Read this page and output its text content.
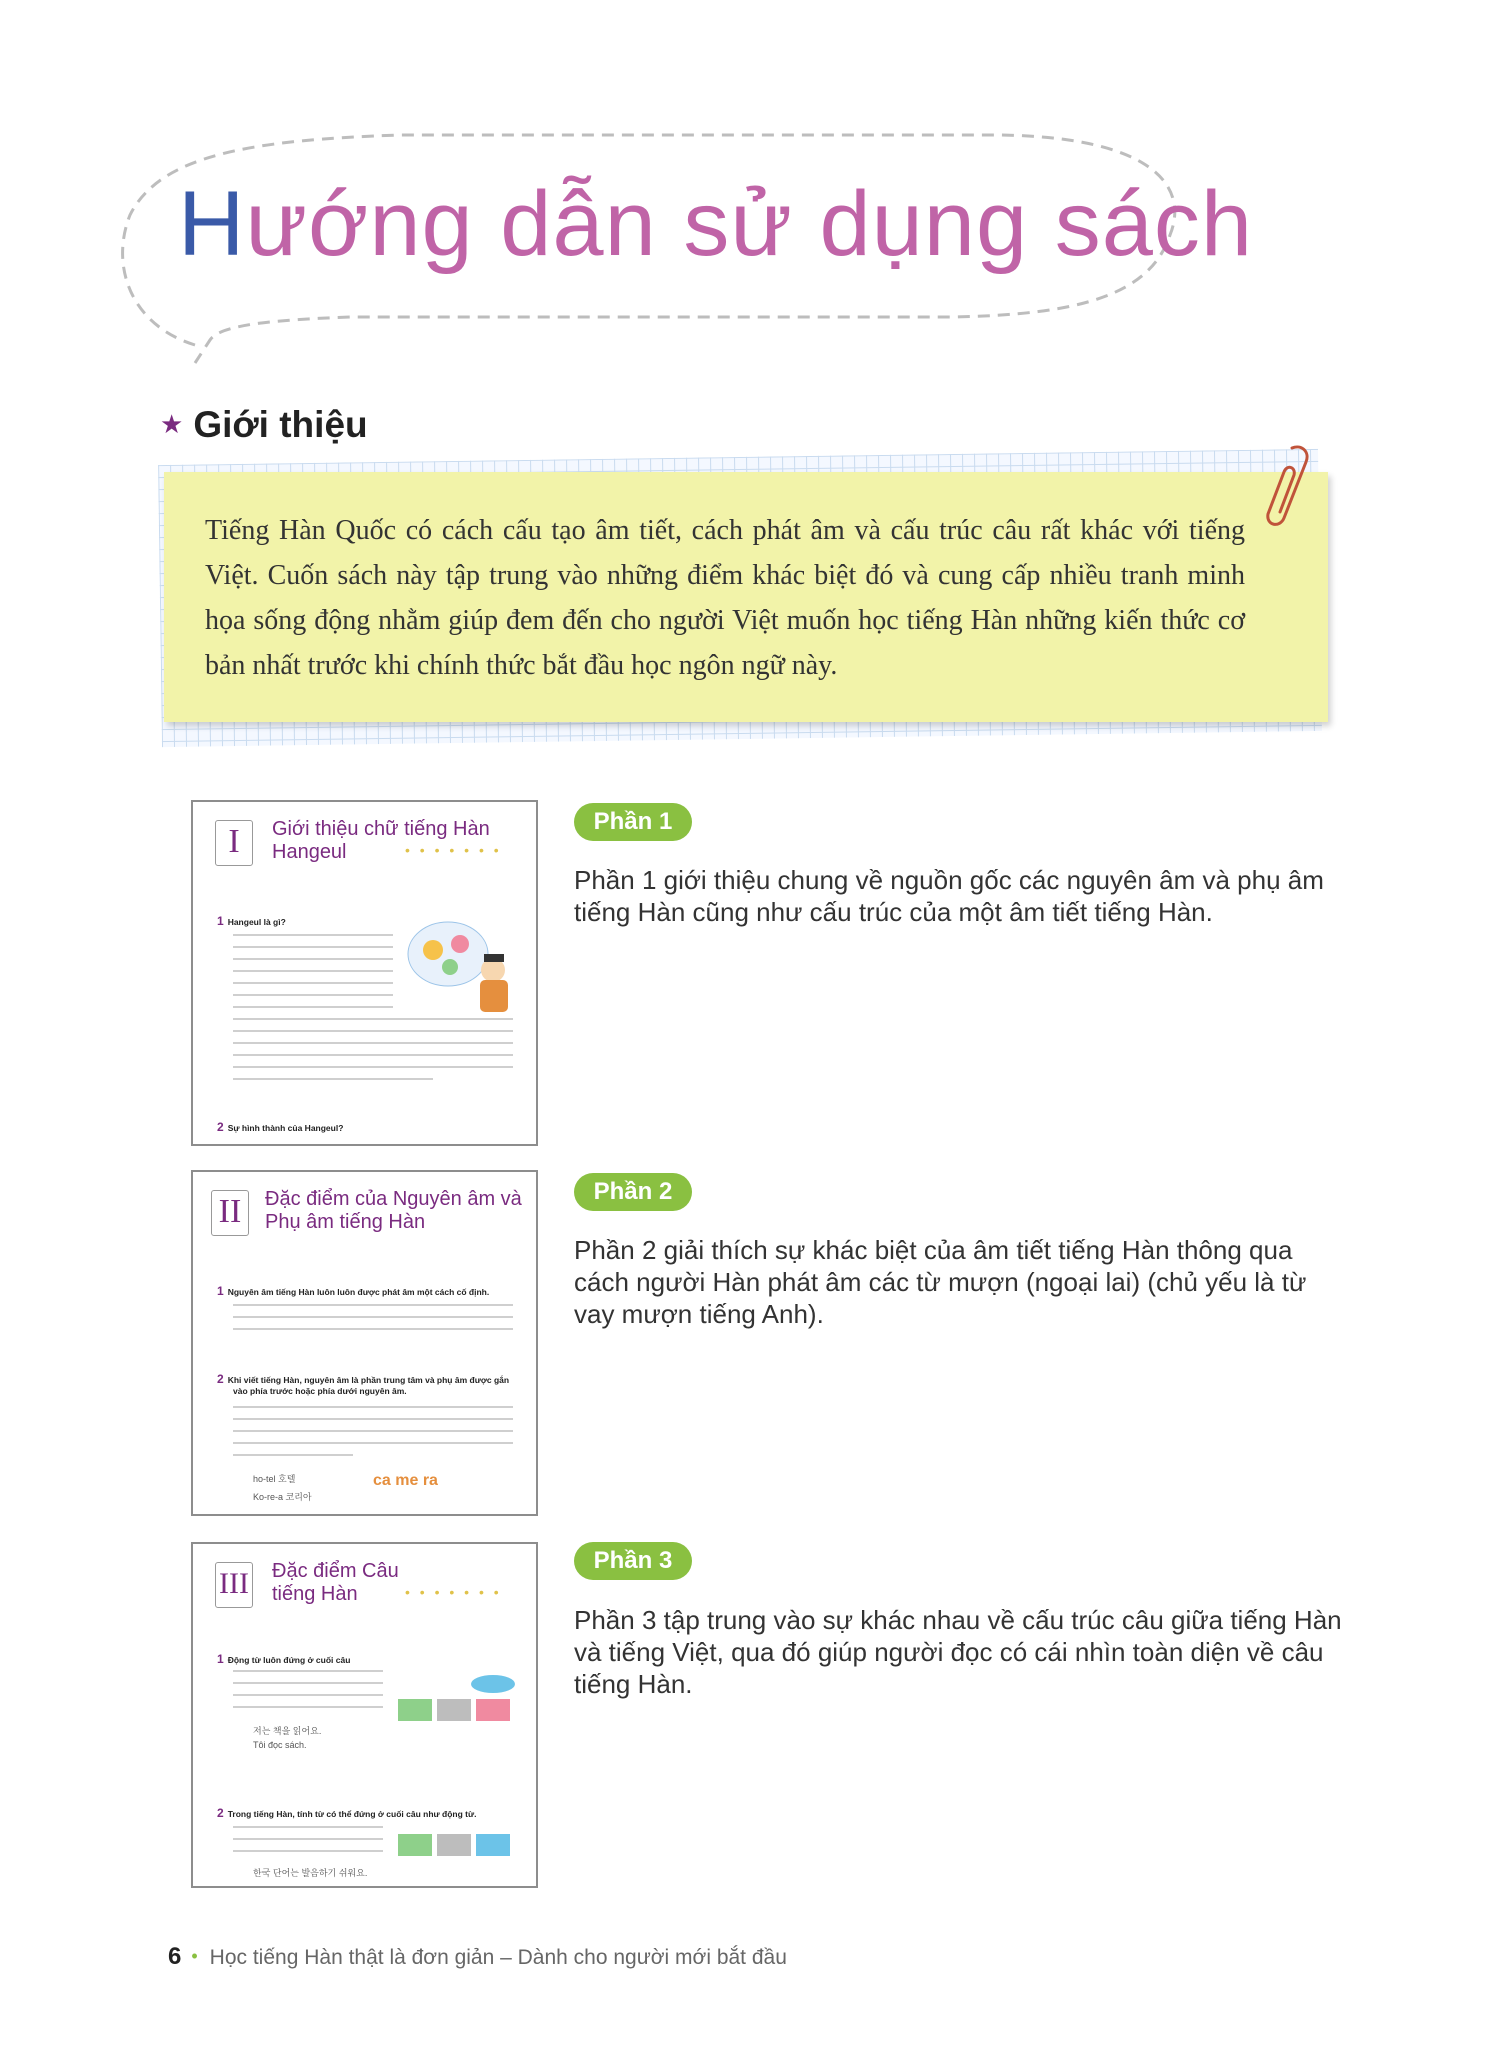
Hướng dẫn sử dụng sách
★ Giới thiệu
Tiếng Hàn Quốc có cách cấu tạo âm tiết, cách phát âm và cấu trúc câu rất khác với tiếng Việt. Cuốn sách này tập trung vào những điểm khác biệt đó và cung cấp nhiều tranh minh họa sống động nhằm giúp đem đến cho người Việt muốn học tiếng Hàn những kiến thức cơ bản nhất trước khi chính thức bắt đầu học ngôn ngữ này.
I	Giới thiệu chữ tiếng Hàn
Hangeul	• • • • • • •
1 Hangeul là gì?
2 Sự hình thành của Hangeul?
II	Đặc điểm của Nguyên âm và
Phụ âm tiếng Hàn
1 Nguyên âm tiếng Hàn luôn luôn được phát âm một cách cố định.
2 Khi viết tiếng Hàn, nguyên âm là phần trung tâm và phụ âm được gắn
vào phía trước hoặc phía dưới nguyên âm.
ho-tel 호텔
Ko-re-a 코리아
ca me ra
III Đặc điểm Câu
tiếng Hàn	• • • • • • •
1 Động từ luôn đứng ở cuối câu
저는 책을 읽어요.
Tôi đọc sách.
2 Trong tiếng Hàn, tính từ có thể đứng ở cuối câu như động từ.
한국 단어는 발음하기 쉬워요.
Phần 1
Phần 1 giới thiệu chung về nguồn gốc các nguyên âm và phụ âm tiếng Hàn cũng như cấu trúc của một âm tiết tiếng Hàn.
Phần 2
Phần 2 giải thích sự khác biệt của âm tiết tiếng Hàn thông qua cách người Hàn phát âm các từ mượn (ngoại lai) (chủ yếu là từ vay mượn tiếng Anh).
Phần 3
Phần 3 tập trung vào sự khác nhau về cấu trúc câu giữa tiếng Hàn và tiếng Việt, qua đó giúp người đọc có cái nhìn toàn diện về câu tiếng Hàn.
6 • Học tiếng Hàn thật là đơn giản – Dành cho người mới bắt đầu
